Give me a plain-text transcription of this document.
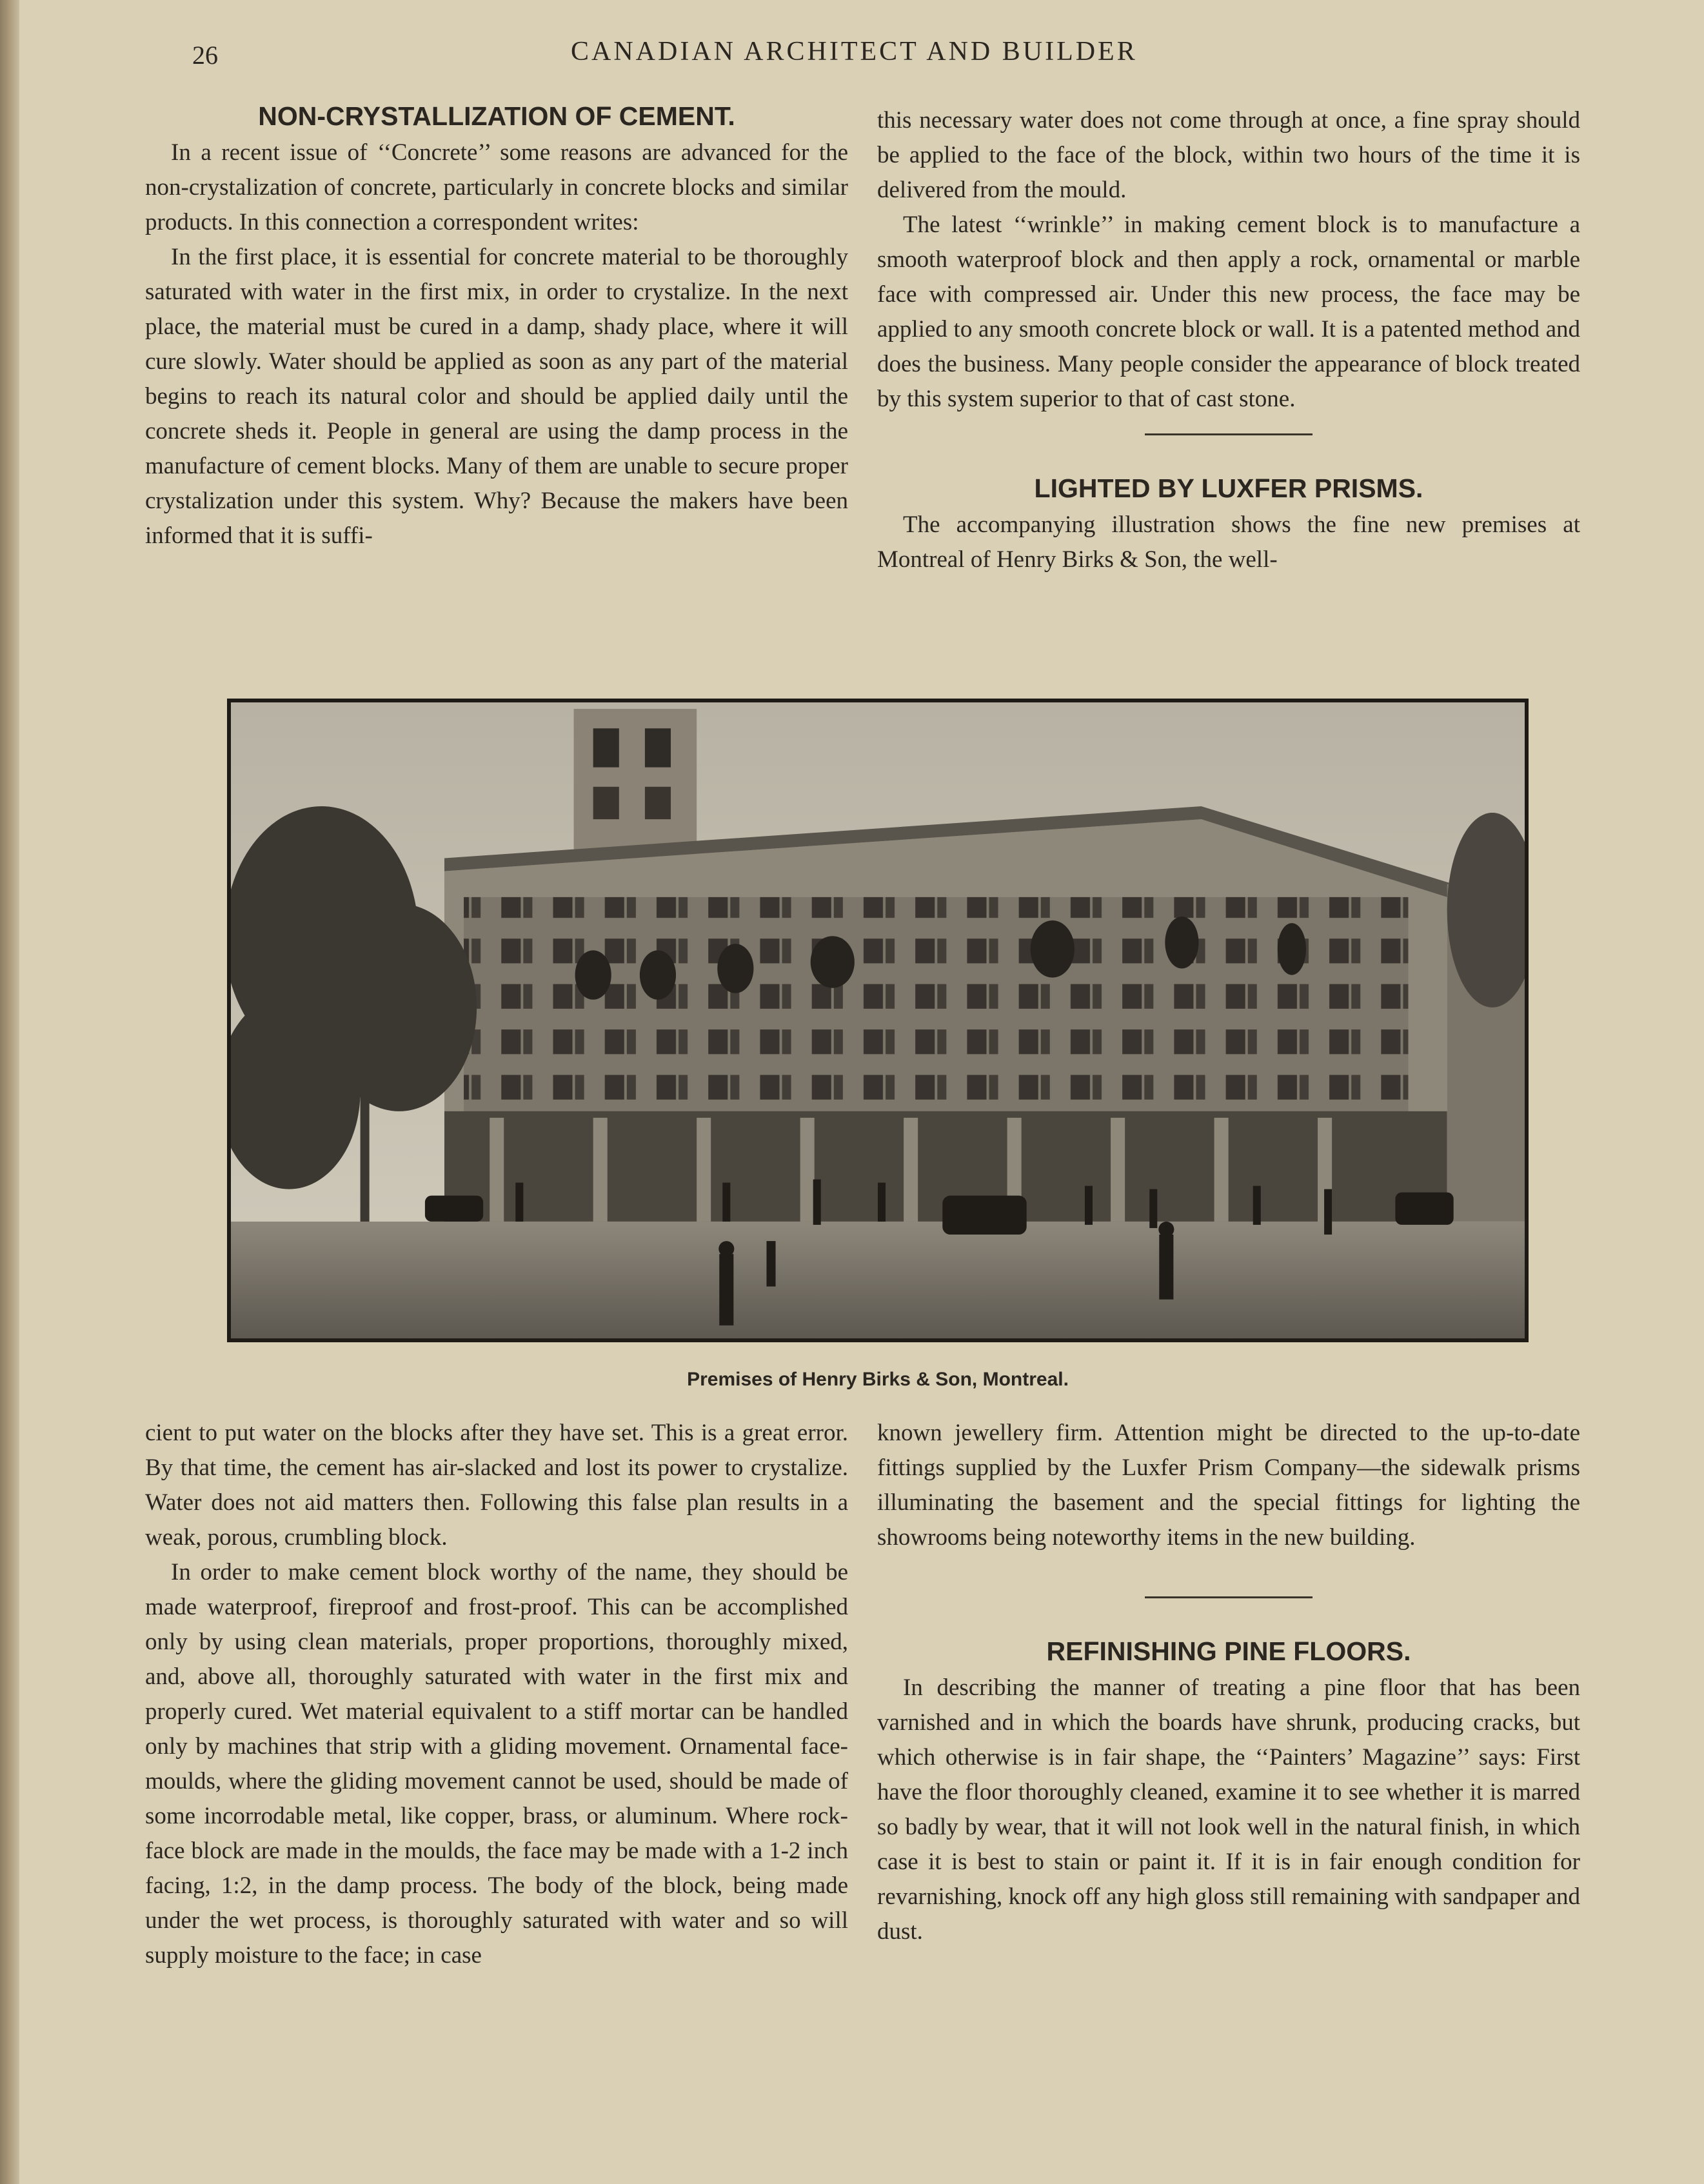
26	CANADIAN ARCHITECT AND BUILDER
NON-CRYSTALLIZATION OF CEMENT.

In a recent issue of ‘‘Concrete’’ some reasons are advanced for the non-crystalization of concrete, particularly in concrete blocks and similar products. In this connection a correspondent writes:

In the first place, it is essential for concrete material to be thoroughly saturated with water in the first mix, in order to crystalize. In the next place, the material must be cured in a damp, shady place, where it will cure slowly. Water should be applied as soon as any part of the material begins to reach its natural color and should be applied daily until the concrete sheds it. People in general are using the damp process in the manufacture of cement blocks. Many of them are unable to secure proper crystalization under this system. Why? Because the makers have been informed that it is suffi-

this necessary water does not come through at once, a fine spray should be applied to the face of the block, within two hours of the time it is delivered from the mould.

The latest ‘‘wrinkle’’ in making cement block is to manufacture a smooth waterproof block and then apply a rock, ornamental or marble face with compressed air. Under this new process, the face may be applied to any smooth concrete block or wall. It is a patented method and does the business. Many people consider the appearance of block treated by this system superior to that of cast stone.

LIGHTED BY LUXFER PRISMS.

The accompanying illustration shows the fine new premises at Montreal of Henry Birks & Son, the well-

Premises of Henry Birks & Son, Montreal.

cient to put water on the blocks after they have set. This is a great error. By that time, the cement has air-slacked and lost its power to crystalize. Water does not aid matters then. Following this false plan results in a weak, porous, crumbling block.

In order to make cement block worthy of the name, they should be made waterproof, fireproof and frost-proof. This can be accomplished only by using clean materials, proper proportions, thoroughly mixed, and, above all, thoroughly saturated with water in the first mix and properly cured. Wet material equivalent to a stiff mortar can be handled only by machines that strip with a gliding movement. Ornamental face-moulds, where the gliding movement cannot be used, should be made of some incorrodable metal, like copper, brass, or aluminum. Where rock-face block are made in the moulds, the face may be made with a 1-2 inch facing, 1:2, in the damp process. The body of the block, being made under the wet process, is thoroughly saturated with water and so will supply moisture to the face; in case

known jewellery firm. Attention might be directed to the up-to-date fittings supplied by the Luxfer Prism Company—the sidewalk prisms illuminating the basement and the special fittings for lighting the showrooms being noteworthy items in the new building.

REFINISHING PINE FLOORS.

In describing the manner of treating a pine floor that has been varnished and in which the boards have shrunk, producing cracks, but which otherwise is in fair shape, the ‘‘Painters’ Magazine’’ says: First have the floor thoroughly cleaned, examine it to see whether it is marred so badly by wear, that it will not look well in the natural finish, in which case it is best to stain or paint it. If it is in fair enough condition for revarnishing, knock off any high gloss still remaining with sandpaper and dust.
